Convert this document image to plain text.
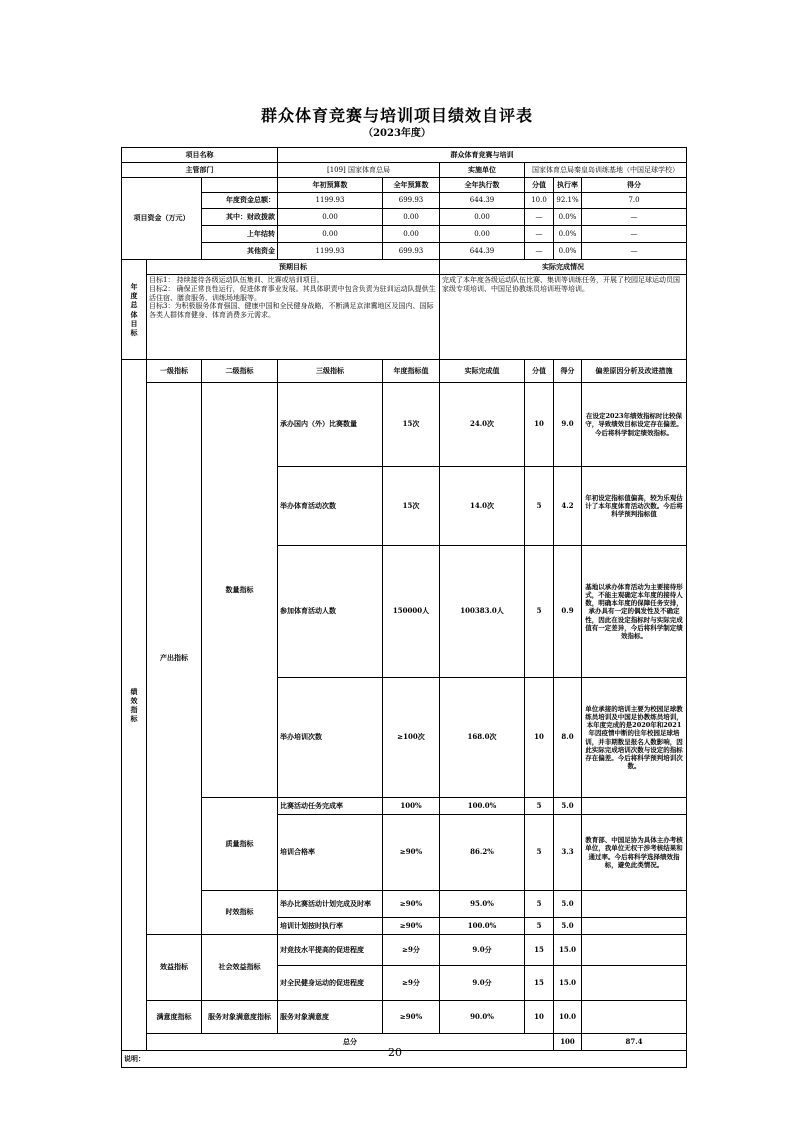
群众体育竞赛与培训项目绩效自评表
（2023年度）
项目名称			群众体育竞赛与培训						
主管部门			[109] 国家体育总局		实施单位	国家体育总局秦皇岛训练基地（中国足球学校）			
项目资金（万元）			年初预算数	全年预算数	全年执行数	分值	执行率	得分	
		年度资金总额：	1199.93	699.93	644.39	10.0	92.1%	7.0	
		其中：财政拨款	0.00	0.00	0.00	—	0.0%	—	
		上年结转	0.00	0.00	0.00	—	0.0%	—	
		其他资金	1199.93	699.93	644.39	—	0.0%	—	

年度总体目标	预期目标				实际完成情况				
	目标1： 持续接待各级运动队伍集训、比赛或培训项目。
目标2： 确保正常良性运行，促进体育事业发展。其具体职责中包含负责为驻训运动队提供生活住宿、膳食服务、训练场地服等。
目标3：为积极服务体育强国、健康中国和全民健身战略，不断满足京津冀地区及国内、国际各类人群体育健身、体育消费多元需求。				完成了本年度各级运动队伍比赛、集训等训练任务，开展了校园足球运动员国家级专项培训、中国足协教练员培训班等培训。				

绩效指标	一级指标	二级指标	三级指标	年度指标值	实际完成值	分值	得分	偏差原因分析及改进措施	
	产出指标	数量指标	承办国内（外）比赛数量	15次	24.0次	10	9.0	在设定2023年绩效指标时比较保守，导致绩效目标设定存在偏差。今后将科学制定绩效指标。	
			举办体育活动次数	15次	14.0次	5	4.2	年初设定指标值偏高，较为乐观估计了本年度体育活动次数。今后将科学预判指标值	
			参加体育活动人数	150000人	100383.0人	5	0.9	基地以承办体育活动为主要接待形式，不能主观确定本年度的接待人数，明确本年度的保障任务安排，承办具有一定的偶发性及不确定性，因此在设定指标时与实际完成值有一定差异，今后将科学制定绩效指标。	
			举办培训次数	≥100次	168.0次	10	8.0	单位承接的培训主要为校园足球教练员培训及中国足协教练员培训，本年度完成的是2020年和2021年因疫情中断的往年校园足球培训，并非期数呈报名人数影响，因此实际完成培训次数与设定的指标存在偏差。今后将科学预判培训次数。	
		质量指标	比赛活动任务完成率	100%	100.0%	5	5.0		
			培训合格率	≥90%	86.2%	5	3.3	教育部、中国足协为具体主办考核单位，我单位无权干涉考核结果和通过率。今后将科学选择绩效指标，避免此类情况。	
		时效指标	举办比赛活动计划完成及时率	≥90%	95.0%	5	5.0		
			培训计划按时执行率	≥90%	100.0%	5	5.0		
	效益指标	社会效益指标	对竞技水平提高的促进程度	≥9分	9.0分	15	15.0		
			对全民健身运动的促进程度	≥9分	9.0分	15	15.0		
	满意度指标	服务对象满意度指标	服务对象满意度	≥90%	90.0%	10	10.0		
	总分						100	87.4	
说明：										20
